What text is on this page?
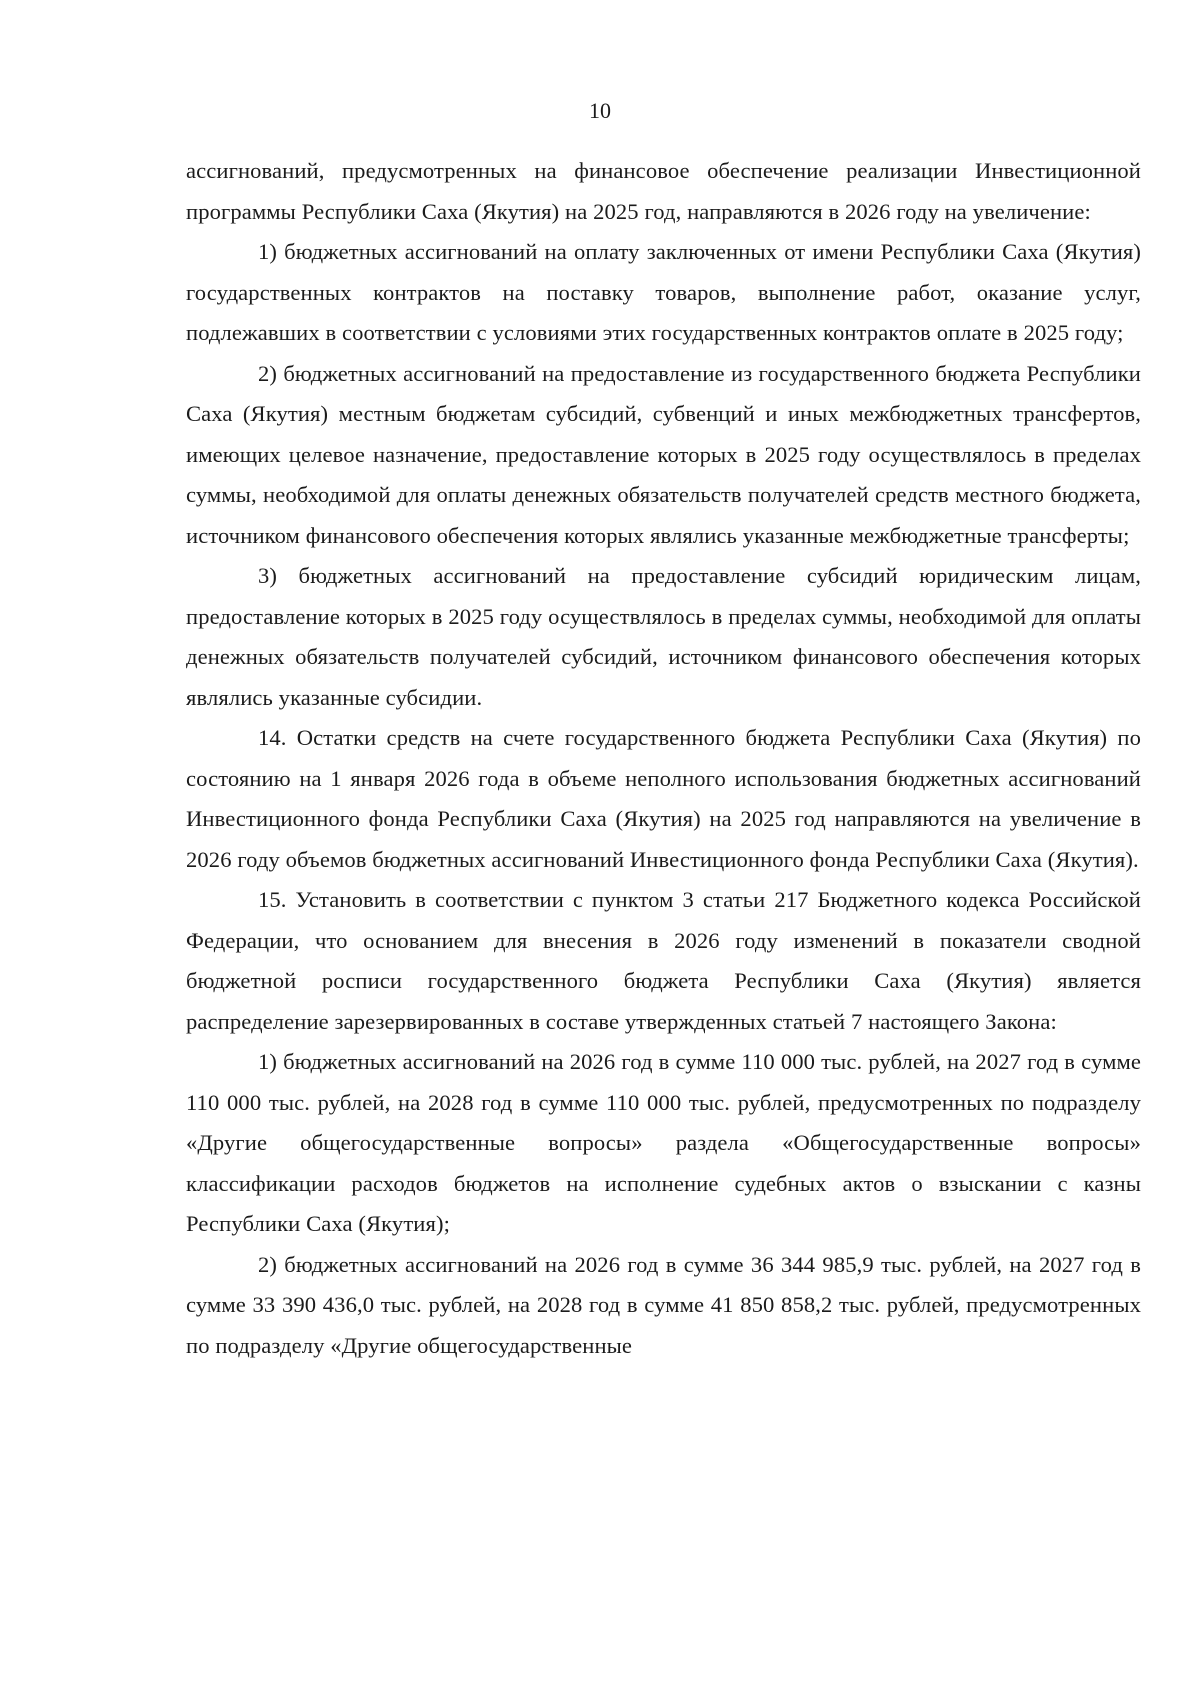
10

ассигнований, предусмотренных на финансовое обеспечение реализации Инвестиционной программы Республики Саха (Якутия) на 2025 год, направляются в 2026 году на увеличение:

1) бюджетных ассигнований на оплату заключенных от имени Республики Саха (Якутия) государственных контрактов на поставку товаров, выполнение работ, оказание услуг, подлежавших в соответствии с условиями этих государственных контрактов оплате в 2025 году;

2) бюджетных ассигнований на предоставление из государственного бюджета Республики Саха (Якутия) местным бюджетам субсидий, субвенций и иных межбюджетных трансфертов, имеющих целевое назначение, предоставление которых в 2025 году осуществлялось в пределах суммы, необходимой для оплаты денежных обязательств получателей средств местного бюджета, источником финансового обеспечения которых являлись указанные межбюджетные трансферты;

3) бюджетных ассигнований на предоставление субсидий юридическим лицам, предоставление которых в 2025 году осуществлялось в пределах суммы, необходимой для оплаты денежных обязательств получателей субсидий, источником финансового обеспечения которых являлись указанные субсидии.

14. Остатки средств на счете государственного бюджета Республики Саха (Якутия) по состоянию на 1 января 2026 года в объеме неполного использования бюджетных ассигнований Инвестиционного фонда Республики Саха (Якутия) на 2025 год направляются на увеличение в 2026 году объемов бюджетных ассигнований Инвестиционного фонда Республики Саха (Якутия).

15. Установить в соответствии с пунктом 3 статьи 217 Бюджетного кодекса Российской Федерации, что основанием для внесения в 2026 году изменений в показатели сводной бюджетной росписи государственного бюджета Республики Саха (Якутия) является распределение зарезервированных в составе утвержденных статьей 7 настоящего Закона:

1) бюджетных ассигнований на 2026 год в сумме 110 000 тыс. рублей, на 2027 год в сумме 110 000 тыс. рублей, на 2028 год в сумме 110 000 тыс. рублей, предусмотренных по подразделу «Другие общегосударственные вопросы» раздела «Общегосударственные вопросы» классификации расходов бюджетов на исполнение судебных актов о взыскании с казны Республики Саха (Якутия);

2) бюджетных ассигнований на 2026 год в сумме 36 344 985,9 тыс. рублей, на 2027 год в сумме 33 390 436,0 тыс. рублей, на 2028 год в сумме 41 850 858,2 тыс. рублей, предусмотренных по подразделу «Другие общегосударственные
